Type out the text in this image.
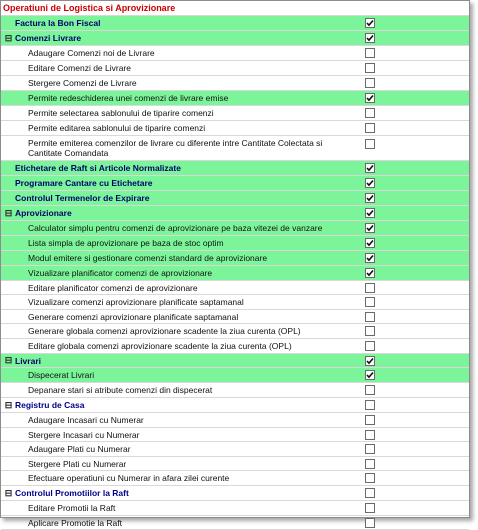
Operatiuni de Logistica si Aprovizionare
Factura la Bon Fiscal
⊟ Comenzi Livrare
Adaugare Comenzi noi de Livrare
Editare Comenzi de Livrare
Stergere Comenzi de Livrare
Permite redeschiderea unei comenzi de livrare emise
Permite selectarea sablonului de tiparire comenzi
Permite editarea sablonului de tiparire comenzi
Permite emiterea comenzilor de livrare cu diferente intre Cantitate Colectata si Cantitate Comandata
Etichetare de Raft si Articole Normalizate
Programare Cantare cu Etichetare
Controlul Termenelor de Expirare
⊟ Aprovizionare
Calculator simplu pentru comenzi de aprovizionare pe baza vitezei de vanzare
Lista simpla de aprovizionare pe baza de stoc optim
Modul emitere si gestionare comenzi standard de aprovizionare
Vizualizare planificator comenzi de aprovizionare
Editare planificator comenzi de aprovizionare
Vizualizare comenzi aprovizionare planificate saptamanal
Generare comenzi aprovizionare planificate saptamanal
Generare globala comenzi aprovizionare scadente la ziua curenta (OPL)
Editare globala comenzi aprovizionare scadente la ziua curenta (OPL)
⊟ Livrari
Dispecerat Livrari
Depanare stari si atribute comenzi din dispecerat
⊟ Registru de Casa
Adaugare Incasari cu Numerar
Stergere Incasari cu Numerar
Adaugare Plati cu Numerar
Stergere Plati cu Numerar
Efectuare operatiuni cu Numerar in afara zilei curente
⊟ Controlul Promotiilor la Raft
Editare Promotii la Raft
Aplicare Promotie la Raft
